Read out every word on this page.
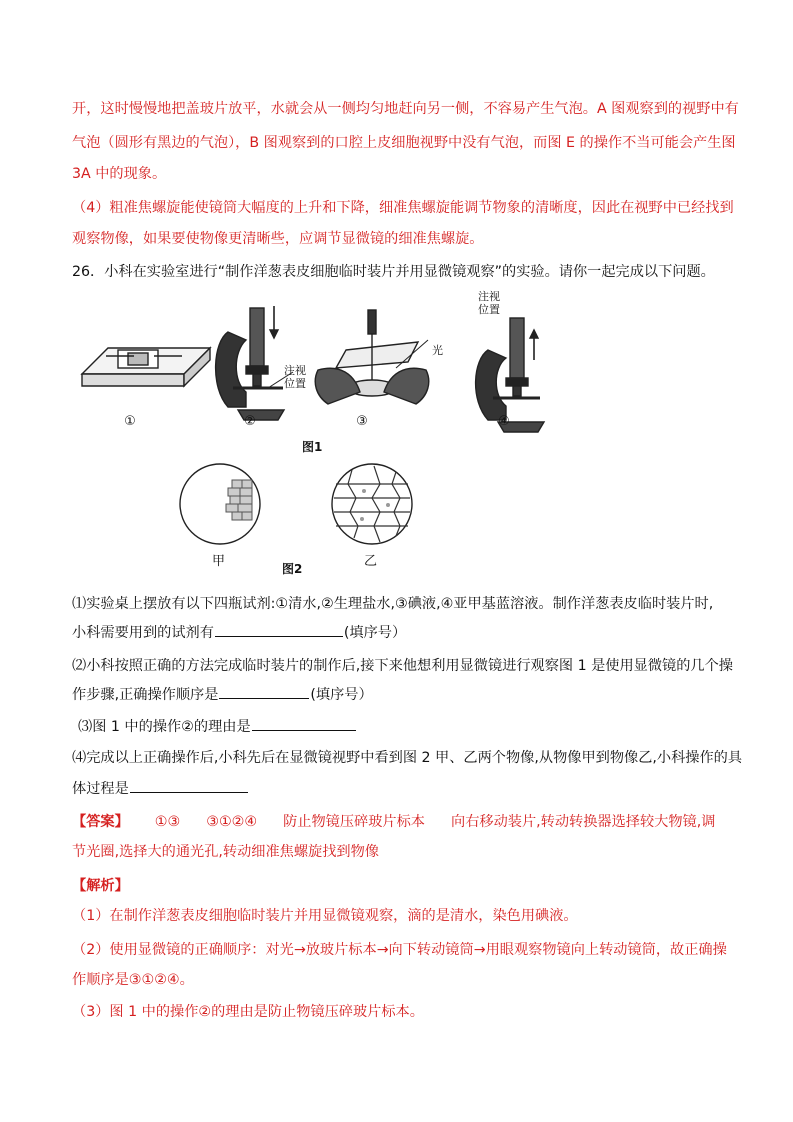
开，这时慢慢地把盖玻片放平，水就会从一侧均匀地赶向另一侧，不容易产生气泡。A 图观察到的视野中有
气泡（圆形有黑边的气泡），B 图观察到的口腔上皮细胞视野中没有气泡，而图 E 的操作不当可能会产生图
3A 中的现象。
（4）粗准焦螺旋能使镜筒大幅度的上升和下降，细准焦螺旋能调节物象的清晰度，因此在视野中已经找到
观察物像，如果要使物像更清晰些，应调节显微镜的细准焦螺旋。
26．小科在实验室进行“制作洋葱表皮细胞临时装片并用显微镜观察”的实验。请你一起完成以下问题。
①	②	③	④
注视
位置
注视
位置
光
图1
甲	乙
图2
⑴实验桌上摆放有以下四瓶试剂:①清水,②生理盐水,③碘液,④亚甲基蓝溶液。制作洋葱表皮临时装片时,
小科需要用到的试剂有	(填序号）
⑵小科按照正确的方法完成临时装片的制作后,接下来他想利用显微镜进行观察图 1 是使用显微镜的几个操
作步骤,正确操作顺序是	(填序号）
⑶图 1 中的操作②的理由是
⑷完成以上正确操作后,小科先后在显微镜视野中看到图 2 甲、乙两个物像,从物像甲到物像乙,小科操作的具
体过程是
【答案】 ①③ ③①②④ 防止物镜压碎玻片标本 向右移动装片,转动转换器选择较大物镜,调
节光圈,选择大的通光孔,转动细准焦螺旋找到物像
【解析】
（1）在制作洋葱表皮细胞临时装片并用显微镜观察，滴的是清水，染色用碘液。
（2）使用显微镜的正确顺序：对光→放玻片标本→向下转动镜筒→用眼观察物镜向上转动镜筒，故正确操
作顺序是③①②④。
（3）图 1 中的操作②的理由是防止物镜压碎玻片标本。
